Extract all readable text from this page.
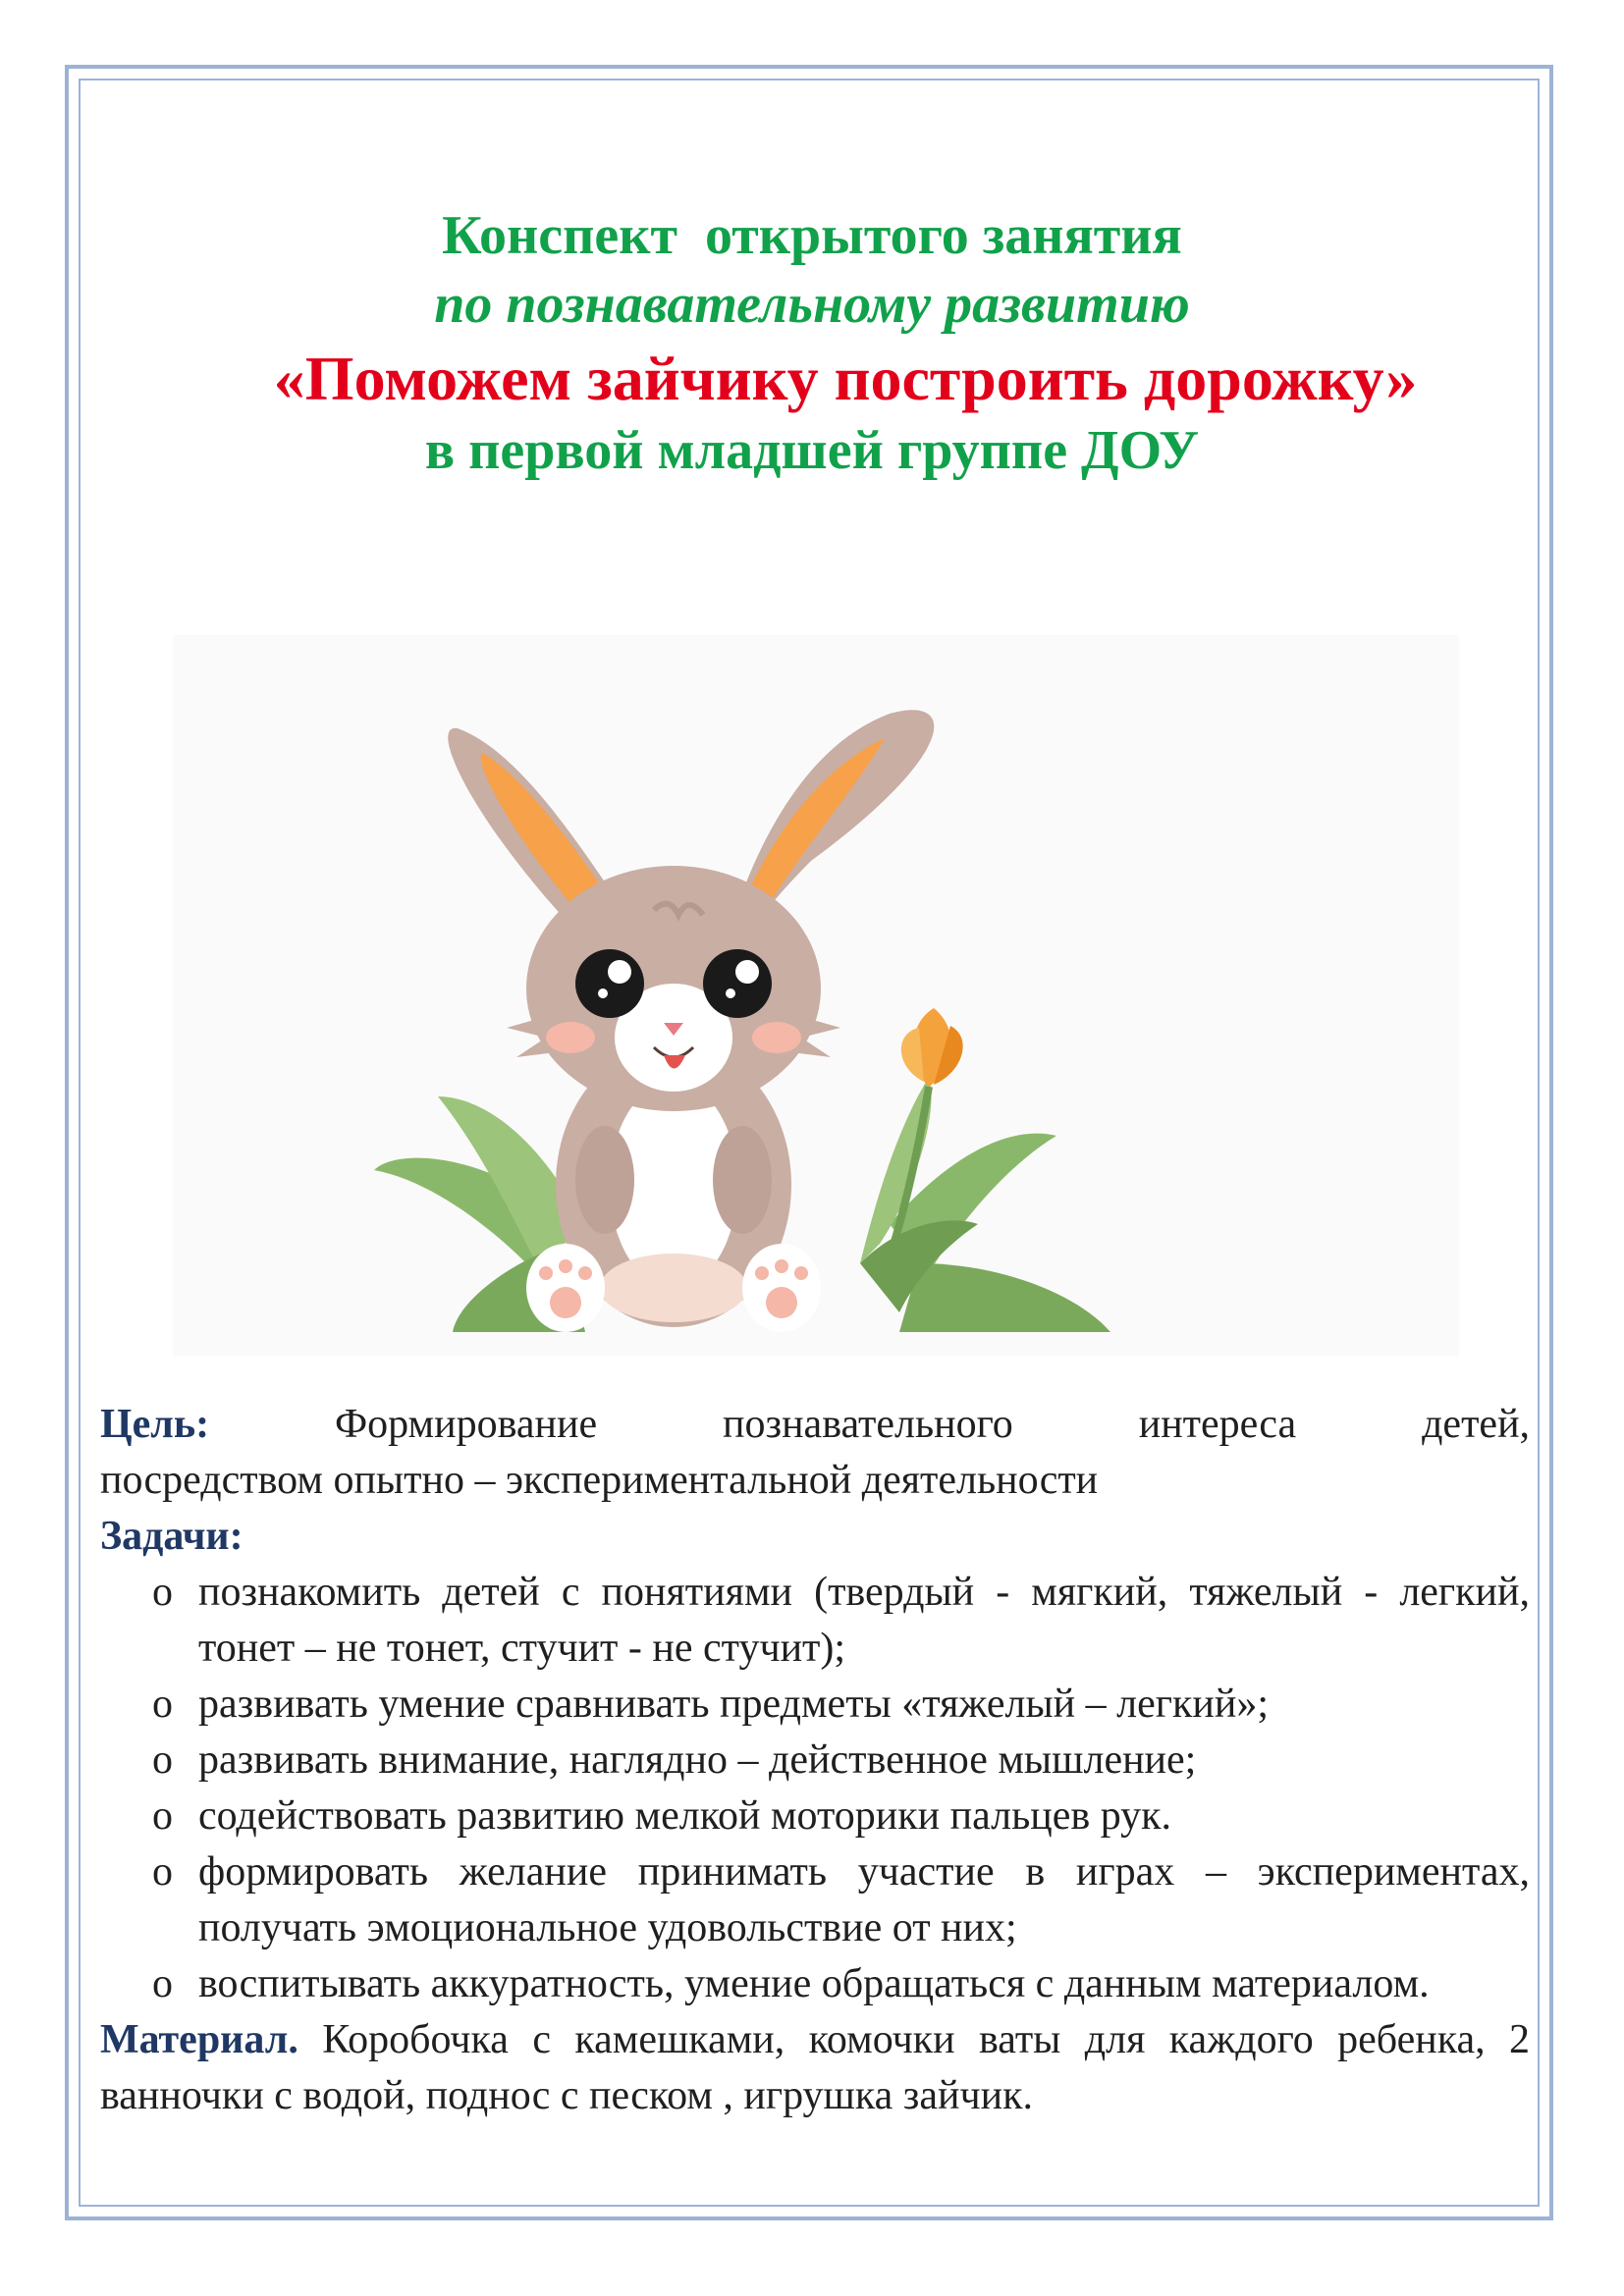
Конспект  открытого занятия
по познавательному развитию
«Поможем зайчику построить дорожку»
в первой младшей группе ДОУ
Цель:	Формирование	познавательного	интереса	детей,
посредством опытно – экспериментальной деятельности
Задачи:
o познакомить детей с понятиями (твердый - мягкий, тяжелый - легкий, тонет – не тонет, стучит - не стучит);
o развивать умение сравнивать предметы «тяжелый – легкий»;
o развивать внимание, наглядно – действенное мышление;
o содействовать развитию мелкой моторики пальцев рук.
o формировать желание принимать участие в играх – экспериментах, получать эмоциональное удовольствие от них;
o воспитывать аккуратность, умение обращаться с данным материалом.
Материал. Коробочка с камешками, комочки ваты для каждого ребенка, 2 ванночки с водой, поднос с песком , игрушка зайчик.
